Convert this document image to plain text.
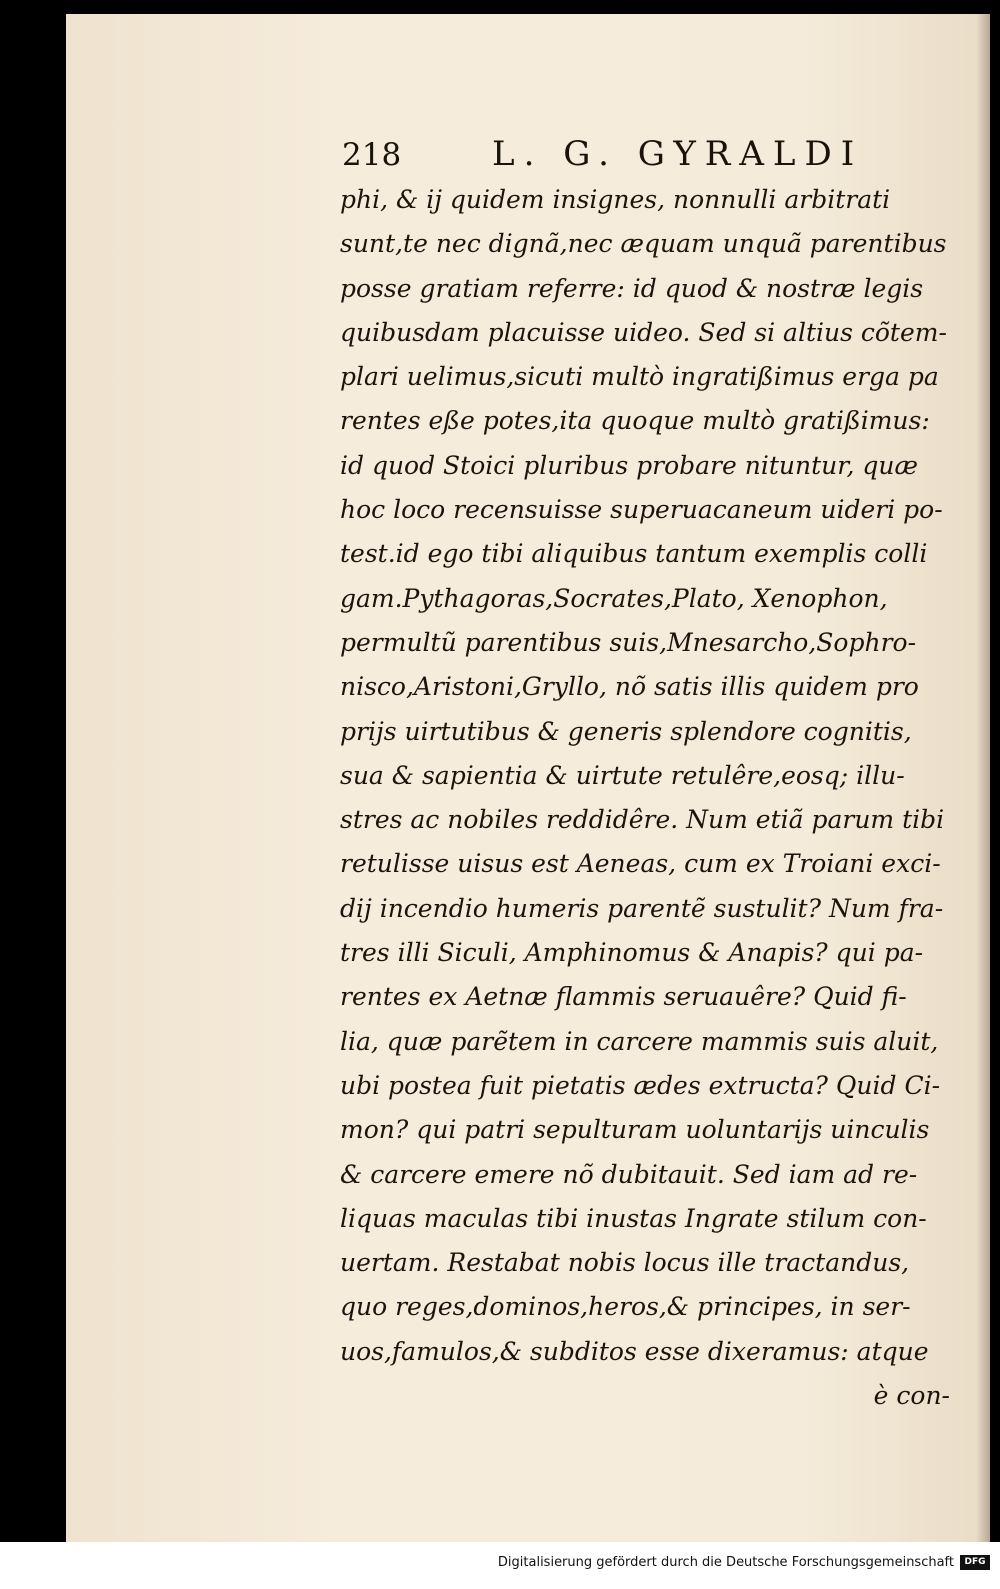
218	L. G. GYRALDI
phi, & ij quidem insignes, nonnulli arbitrati
sunt,te nec dignã,nec æquam unquã parentibus
posse gratiam referre: id quod & nostræ legis
quibusdam placuisse uideo. Sed si altius cõtem-
plari uelimus,sicuti multò ingratißimus erga pa
rentes eße potes,ita quoque multò gratißimus:
id quod Stoici pluribus probare nituntur, quæ
hoc loco recensuisse superuacaneum uideri po-
test.id ego tibi aliquibus tantum exemplis colli
gam.Pythagoras,Socrates,Plato, Xenophon,
permultũ parentibus suis,Mnesarcho,Sophro-
nisco,Aristoni,Gryllo, nõ satis illis quidem pro
prijs uirtutibus & generis splendore cognitis,
sua & sapientia & uirtute retulêre,eosq; illu-
stres ac nobiles reddidêre. Num etiã parum tibi
retulisse uisus est Aeneas, cum ex Troiani exci-
dij incendio humeris parentẽ sustulit? Num fra-
tres illi Siculi, Amphinomus & Anapis? qui pa-
rentes ex Aetnæ flammis seruauêre? Quid fi-
lia, quæ parẽtem in carcere mammis suis aluit,
ubi postea fuit pietatis ædes extructa? Quid Ci-
mon? qui patri sepulturam uoluntarijs uinculis
& carcere emere nõ dubitauit. Sed iam ad re-
liquas maculas tibi inustas Ingrate stilum con-
uertam. Restabat nobis locus ille tractandus,
quo reges,dominos,heros,& principes, in ser-
uos,famulos,& subditos esse dixeramus: atque
è con-
Digitalisierung gefördert durch die Deutsche Forschungsgemeinschaft	DFG
